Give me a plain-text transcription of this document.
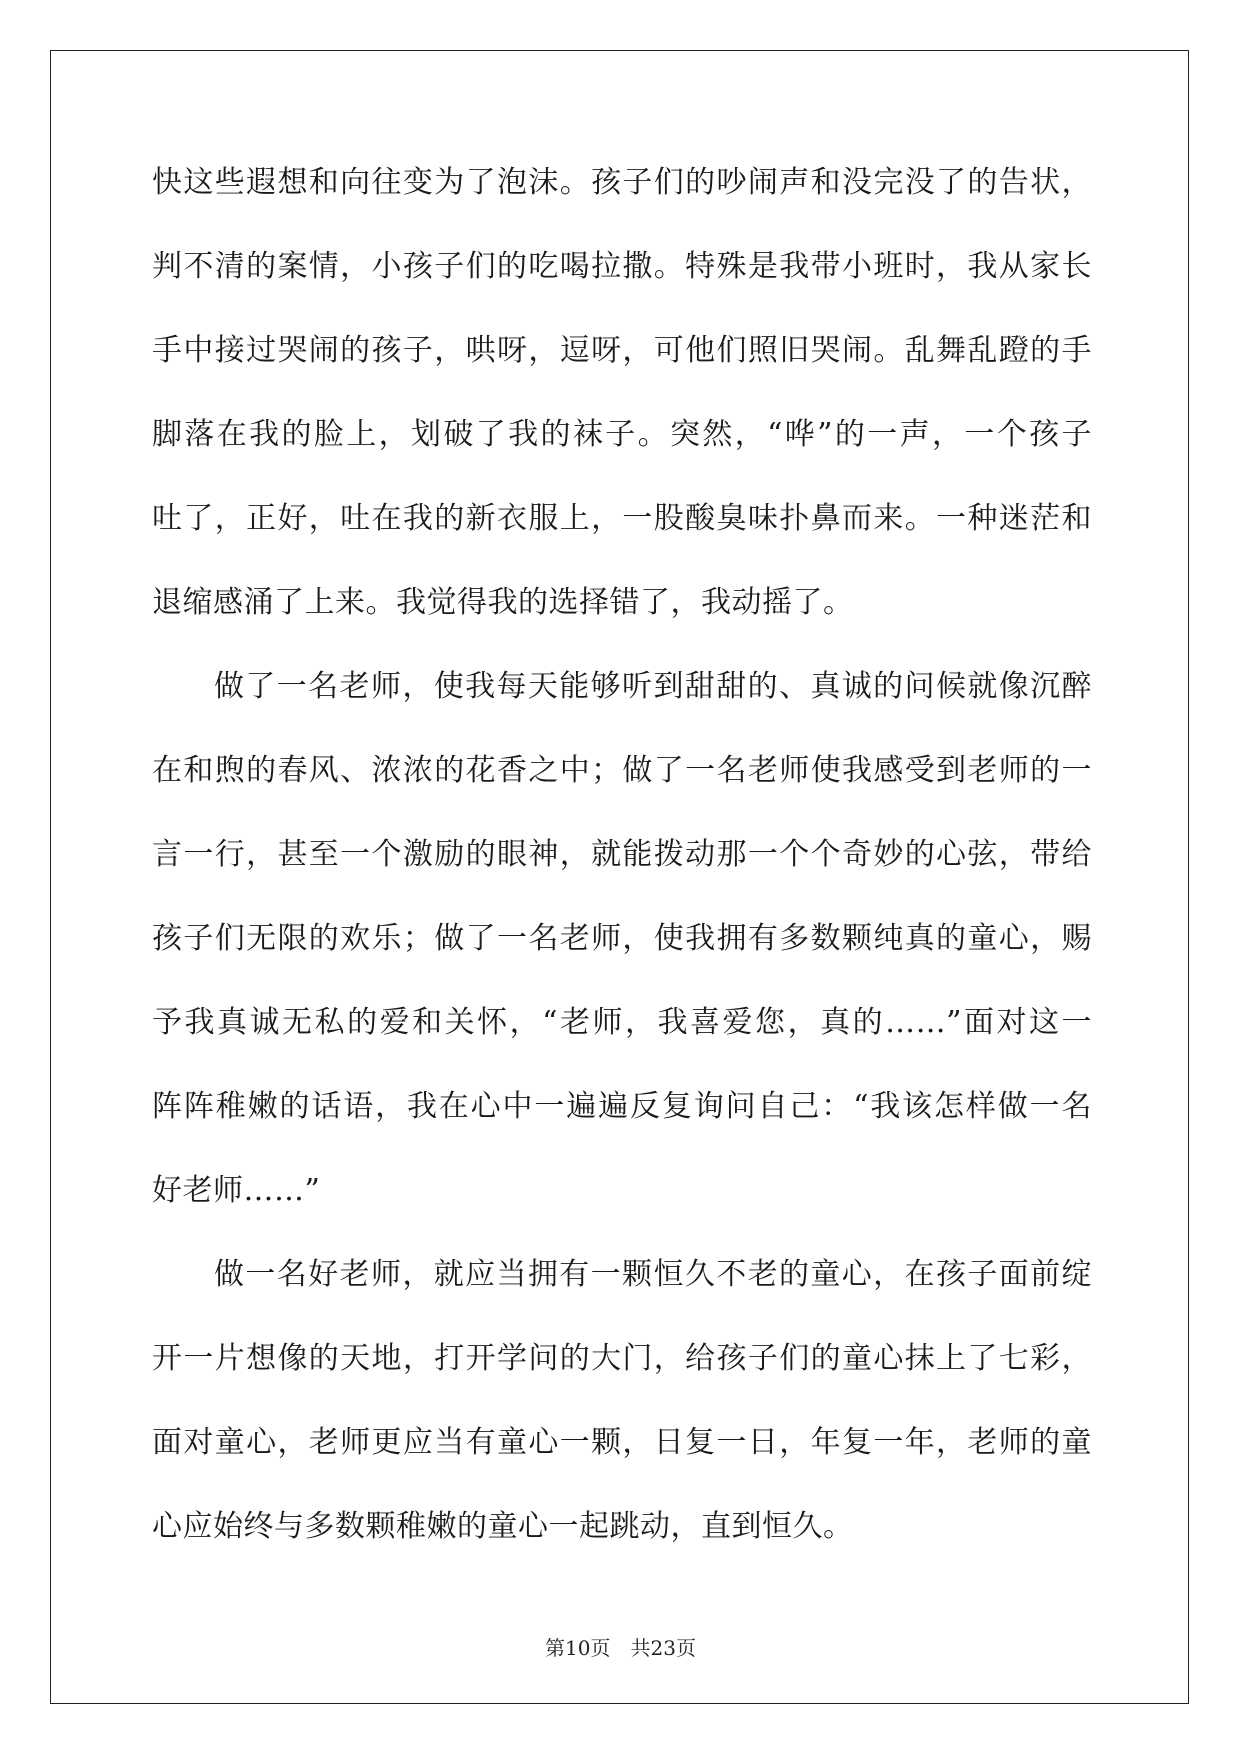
快这些遐想和向往变为了泡沫。孩子们的吵闹声和没完没了的告状，
判不清的案情，小孩子们的吃喝拉撒。特殊是我带小班时，我从家长
手中接过哭闹的孩子，哄呀，逗呀，可他们照旧哭闹。乱舞乱蹬的手
脚落在我的脸上，划破了我的袜子。突然，“哗”的一声，一个孩子
吐了，正好，吐在我的新衣服上，一股酸臭味扑鼻而来。一种迷茫和
退缩感涌了上来。我觉得我的选择错了，我动摇了。
做了一名老师，使我每天能够听到甜甜的、真诚的问候就像沉醉
在和煦的春风、浓浓的花香之中；做了一名老师使我感受到老师的一
言一行，甚至一个激励的眼神，就能拨动那一个个奇妙的心弦，带给
孩子们无限的欢乐；做了一名老师，使我拥有多数颗纯真的童心，赐
予我真诚无私的爱和关怀，“老师，我喜爱您，真的……”面对这一
阵阵稚嫩的话语，我在心中一遍遍反复询问自己：“我该怎样做一名
好老师……”
做一名好老师，就应当拥有一颗恒久不老的童心，在孩子面前绽
开一片想像的天地，打开学问的大门，给孩子们的童心抹上了七彩，
面对童心，老师更应当有童心一颗，日复一日，年复一年，老师的童
心应始终与多数颗稚嫩的童心一起跳动，直到恒久。
第10页　共23页
